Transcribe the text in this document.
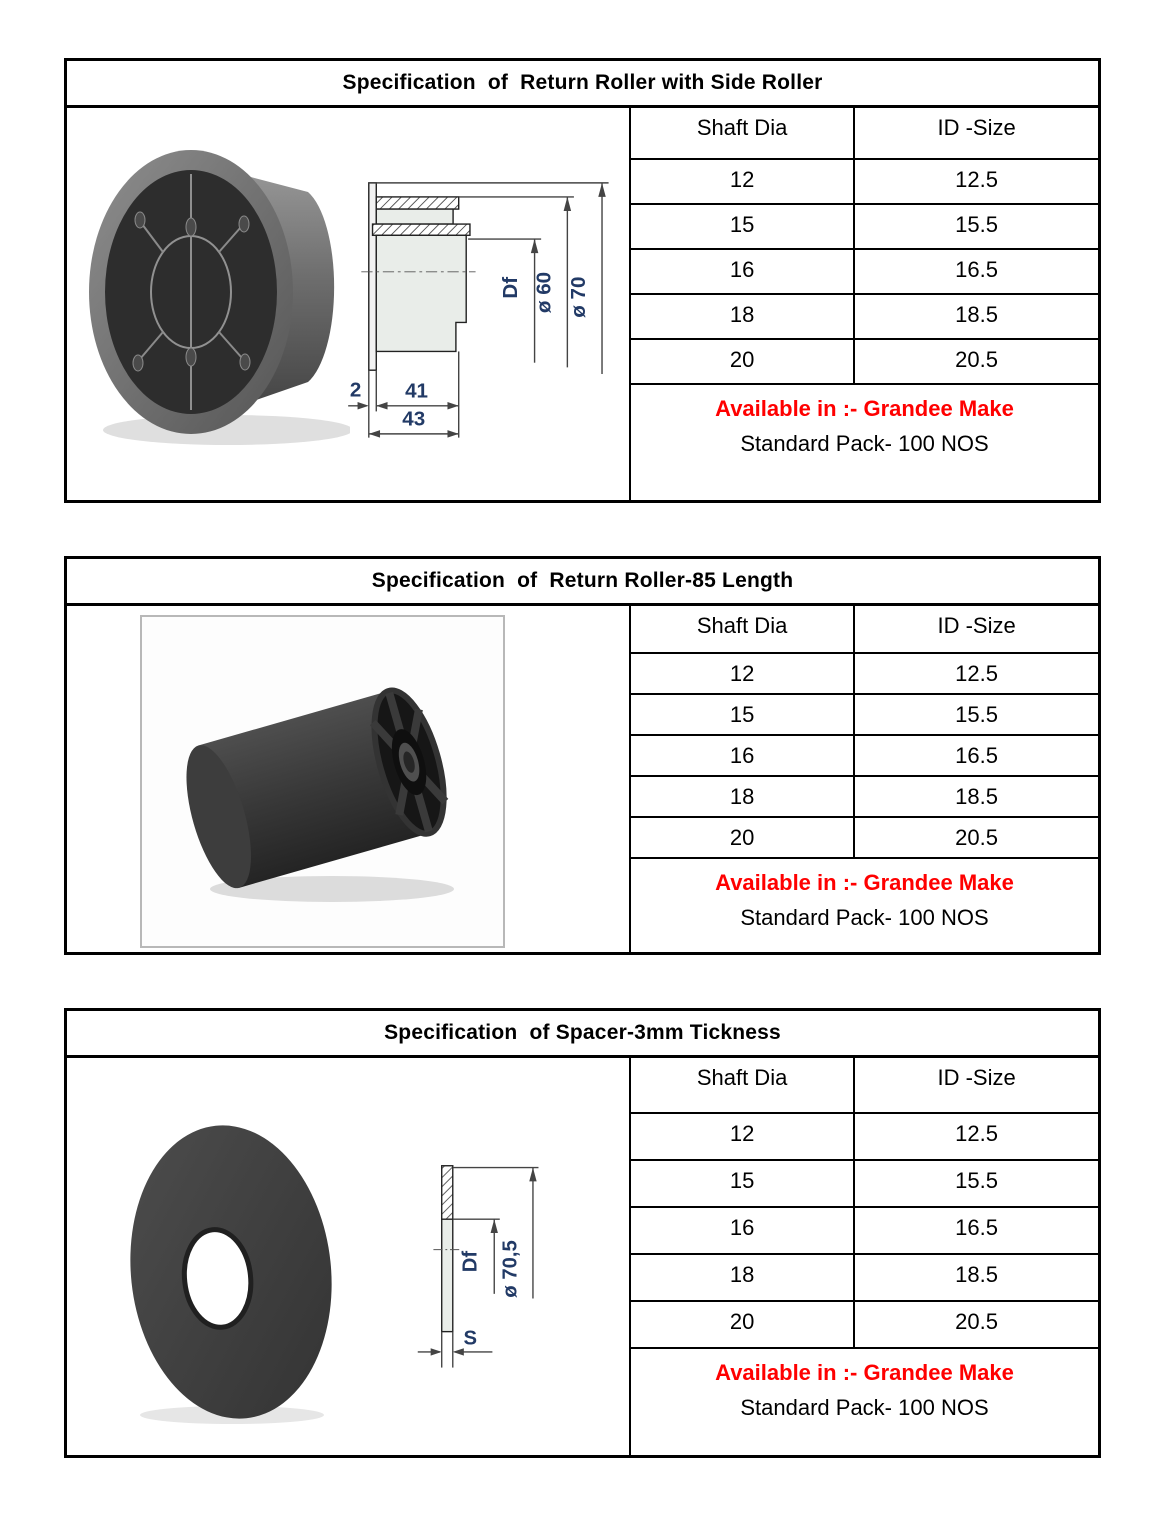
Specification  of  Return Roller with Side Roller
Df ø 60 ø 70
2 41
43
Shaft Dia	ID -Size
12	12.5
15	15.5
16	16.5
18	18.5
20	20.5
Available in :- Grandee Make
Standard Pack- 100 NOS
Specification  of  Return Roller-85 Length
Shaft Dia	ID -Size
12	12.5
15	15.5
16	16.5
18	18.5
20	20.5
Available in :- Grandee Make
Standard Pack- 100 NOS
Specification  of Spacer-3mm Tickness
Df ø 70,5
S
Shaft Dia	ID -Size
12	12.5
15	15.5
16	16.5
18	18.5
20	20.5
Available in :- Grandee Make
Standard Pack- 100 NOS
